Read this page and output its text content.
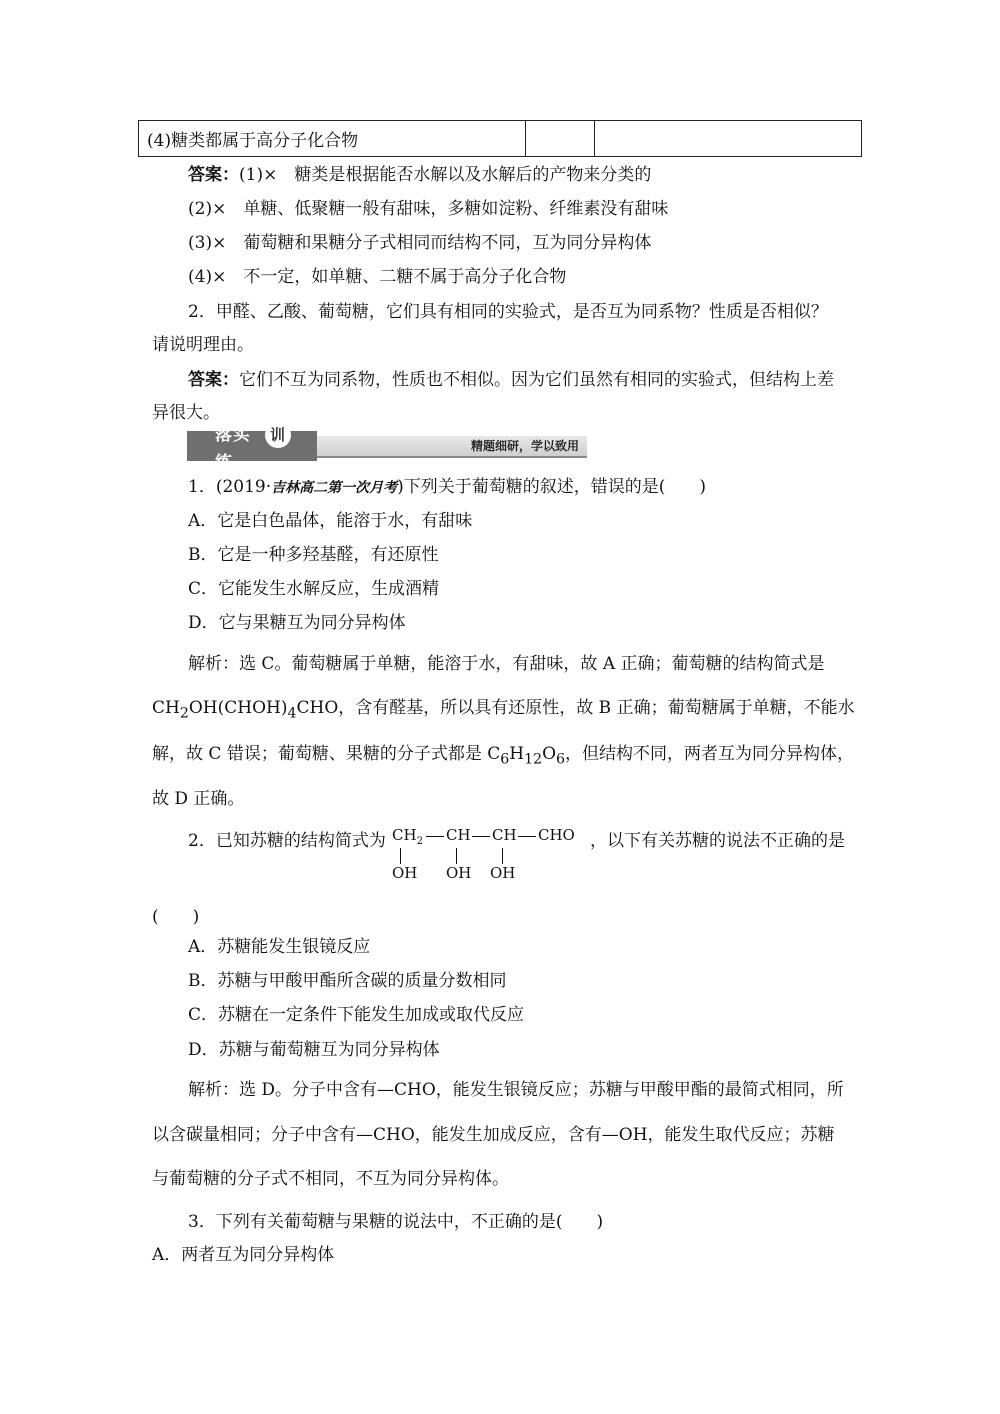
(4)糖类都属于高分子化合物		
答案：(1)×　糖类是根据能否水解以及水解后的产物来分类的
(2)×　单糖、低聚糖一般有甜味，多糖如淀粉、纤维素没有甜味
(3)×　葡萄糖和果糖分子式相同而结构不同，互为同分异构体
(4)×　不一定，如单糖、二糖不属于高分子化合物
2．甲醛、乙酸、葡萄糖，它们具有相同的实验式，是否互为同系物？性质是否相似？
请说明理由。
答案：它们不互为同系物，性质也不相似。因为它们虽然有相同的实验式，但结构上差
异很大。
落实 训练
精题细研，学以致用
1．(2019·吉林高二第一次月考)下列关于葡萄糖的叙述，错误的是(　　)
A．它是白色晶体，能溶于水，有甜味
B．它是一种多羟基醛，有还原性
C．它能发生水解反应，生成酒精
D．它与果糖互为同分异构体
解析：选 C。葡萄糖属于单糖，能溶于水，有甜味，故 A 正确；葡萄糖的结构简式是
$CH_2OH(CHOH)_4CHO$，含有醛基，所以具有还原性，故 B 正确；葡萄糖属于单糖，不能水
解，故 C 错误；葡萄糖、果糖的分子式都是 $C_6H_{12}O_6$，但结构不同，两者互为同分异构体，
故 D 正确。
2．已知苏糖的结构简式为 $CH_2$ CH CH CHO
OH OH OH
，以下有关苏糖的说法不正确的是
(　　)
A．苏糖能发生银镜反应
B．苏糖与甲酸甲酯所含碳的质量分数相同
C．苏糖在一定条件下能发生加成或取代反应
D．苏糖与葡萄糖互为同分异构体
解析：选 D。分子中含有—CHO，能发生银镜反应；苏糖与甲酸甲酯的最简式相同，所
以含碳量相同；分子中含有—CHO，能发生加成反应，含有—OH，能发生取代反应；苏糖
与葡萄糖的分子式不相同，不互为同分异构体。
3．下列有关葡萄糖与果糖的说法中，不正确的是(　　)
A．两者互为同分异构体
